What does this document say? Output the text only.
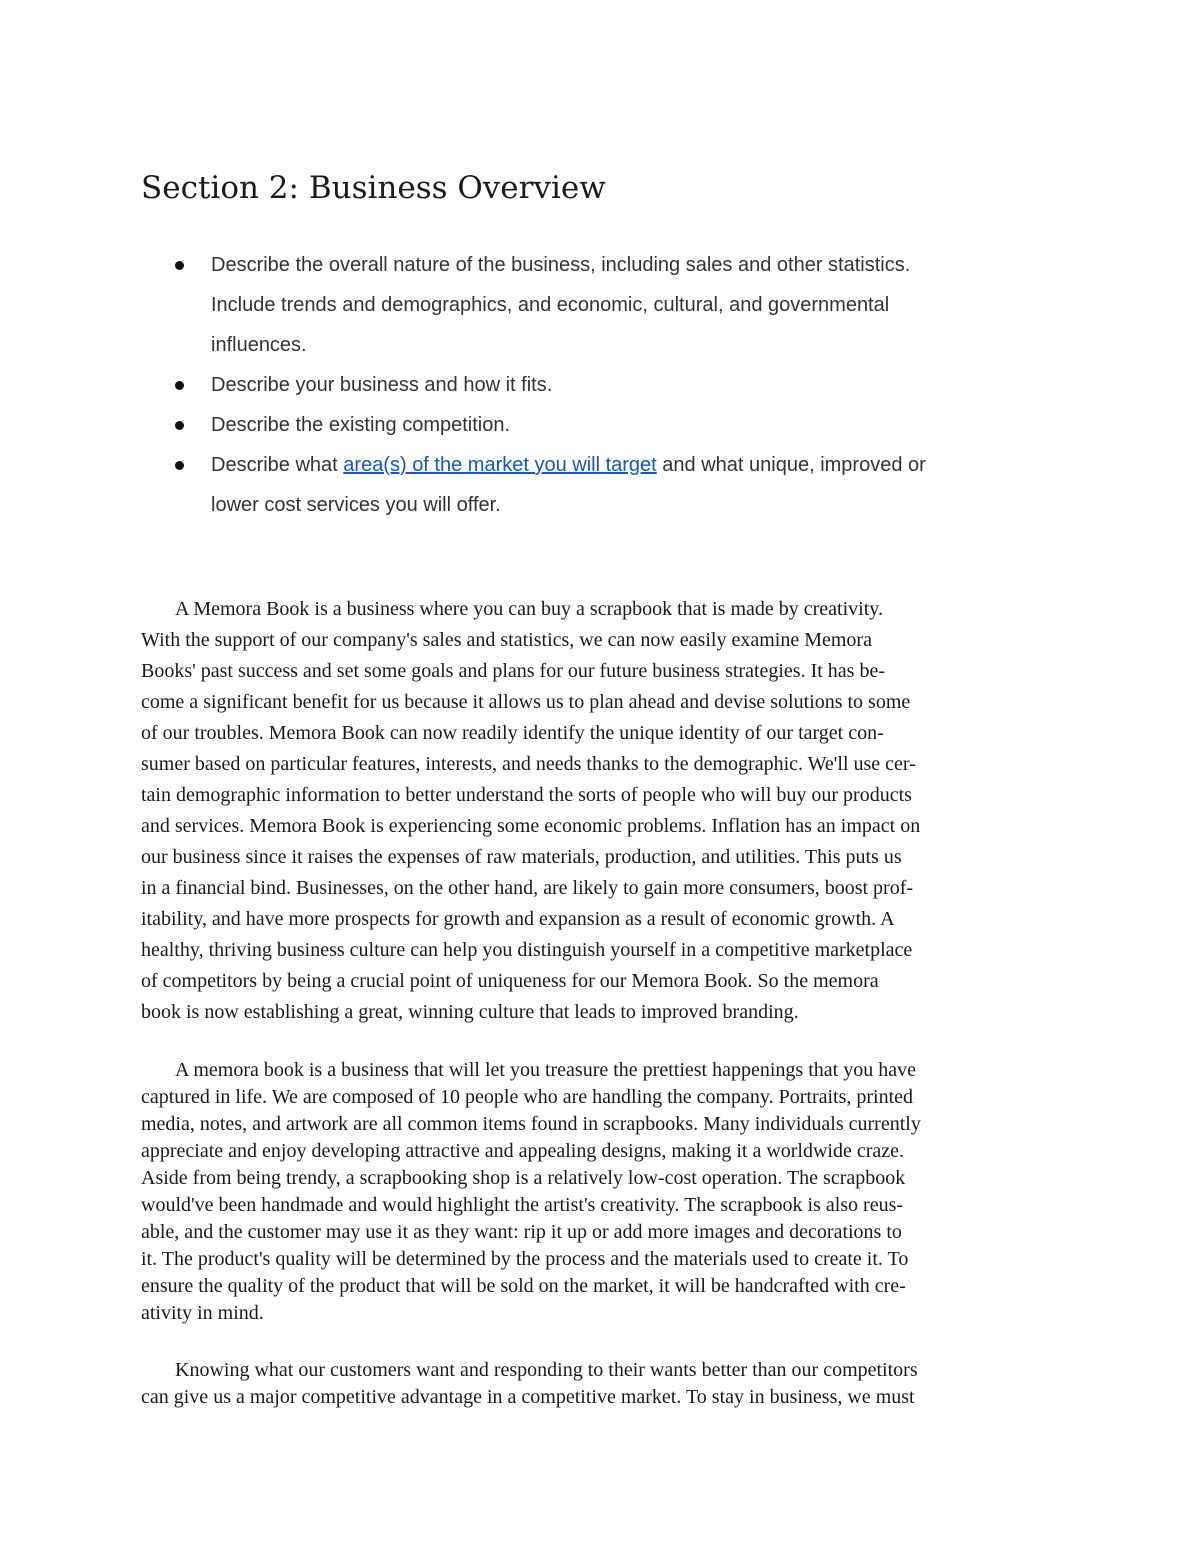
Section 2: Business Overview
Describe the overall nature of the business, including sales and other statistics.
Include trends and demographics, and economic, cultural, and governmental
influences.
Describe your business and how it fits.
Describe the existing competition.
Describe what area(s) of the market you will target and what unique, improved or
lower cost services you will offer.
A Memora Book is a business where you can buy a scrapbook that is made by creativity.
With the support of our company's sales and statistics, we can now easily examine Memora
Books' past success and set some goals and plans for our future business strategies. It has be-
come a significant benefit for us because it allows us to plan ahead and devise solutions to some
of our troubles. Memora Book can now readily identify the unique identity of our target con-
sumer based on particular features, interests, and needs thanks to the demographic. We'll use cer-
tain demographic information to better understand the sorts of people who will buy our products
and services. Memora Book is experiencing some economic problems. Inflation has an impact on
our business since it raises the expenses of raw materials, production, and utilities. This puts us
in a financial bind. Businesses, on the other hand, are likely to gain more consumers, boost prof-
itability, and have more prospects for growth and expansion as a result of economic growth. A
healthy, thriving business culture can help you distinguish yourself in a competitive marketplace
of competitors by being a crucial point of uniqueness for our Memora Book. So the memora
book is now establishing a great, winning culture that leads to improved branding.
A memora book is a business that will let you treasure the prettiest happenings that you have
captured in life. We are composed of 10 people who are handling the company. Portraits, printed
media, notes, and artwork are all common items found in scrapbooks. Many individuals currently
appreciate and enjoy developing attractive and appealing designs, making it a worldwide craze.
Aside from being trendy, a scrapbooking shop is a relatively low-cost operation. The scrapbook
would've been handmade and would highlight the artist's creativity. The scrapbook is also reus-
able, and the customer may use it as they want: rip it up or add more images and decorations to
it. The product's quality will be determined by the process and the materials used to create it. To
ensure the quality of the product that will be sold on the market, it will be handcrafted with cre-
ativity in mind.
Knowing what our customers want and responding to their wants better than our competitors
can give us a major competitive advantage in a competitive market. To stay in business, we must
